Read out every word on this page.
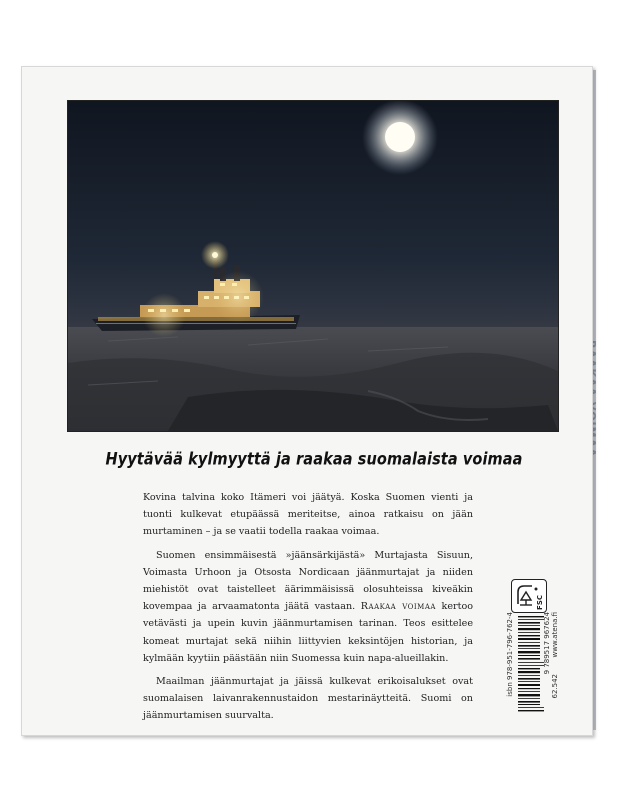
Hyytävää kylmyyttä ja raakaa suomalaista voimaa

Kovina talvina koko Itämeri voi jäätyä. Koska Suomen vienti ja tuonti kulkevat etupäässä meriteitse, ainoa ratkaisu on jään murtaminen – ja se vaatii todella raakaa voimaa.

Suomen ensimmäisestä »jäänsärkijästä» Murtajasta Sisuun, Voimasta Urhoon ja Otsosta Nordicaan jäänmurtajat ja niiden miehistöt ovat taistelleet äärimmäisissä olosuhteissa kiveäkin kovempaa ja arvaamatonta jäätä vastaan. Raakaa voimaa kertoo vetävästi ja upein kuvin jäänmurtamisen tarinan. Teos esittelee komeat murtajat sekä niihin liittyvien keksintöjen historian, ja kylmään kyytiin päästään niin Suomessa kuin napa-alueillakin.

Maailman jäänmurtajat ja jäissä kulkevat erikoisalukset ovat suomalaisen laivanrakennustaidon mestarinäytteitä. Suomi on jäänmurtamisen suurvalta.

FSC
isbn 978-951-796-762-4	9 789517 967624
62.542
www.atena.fi
